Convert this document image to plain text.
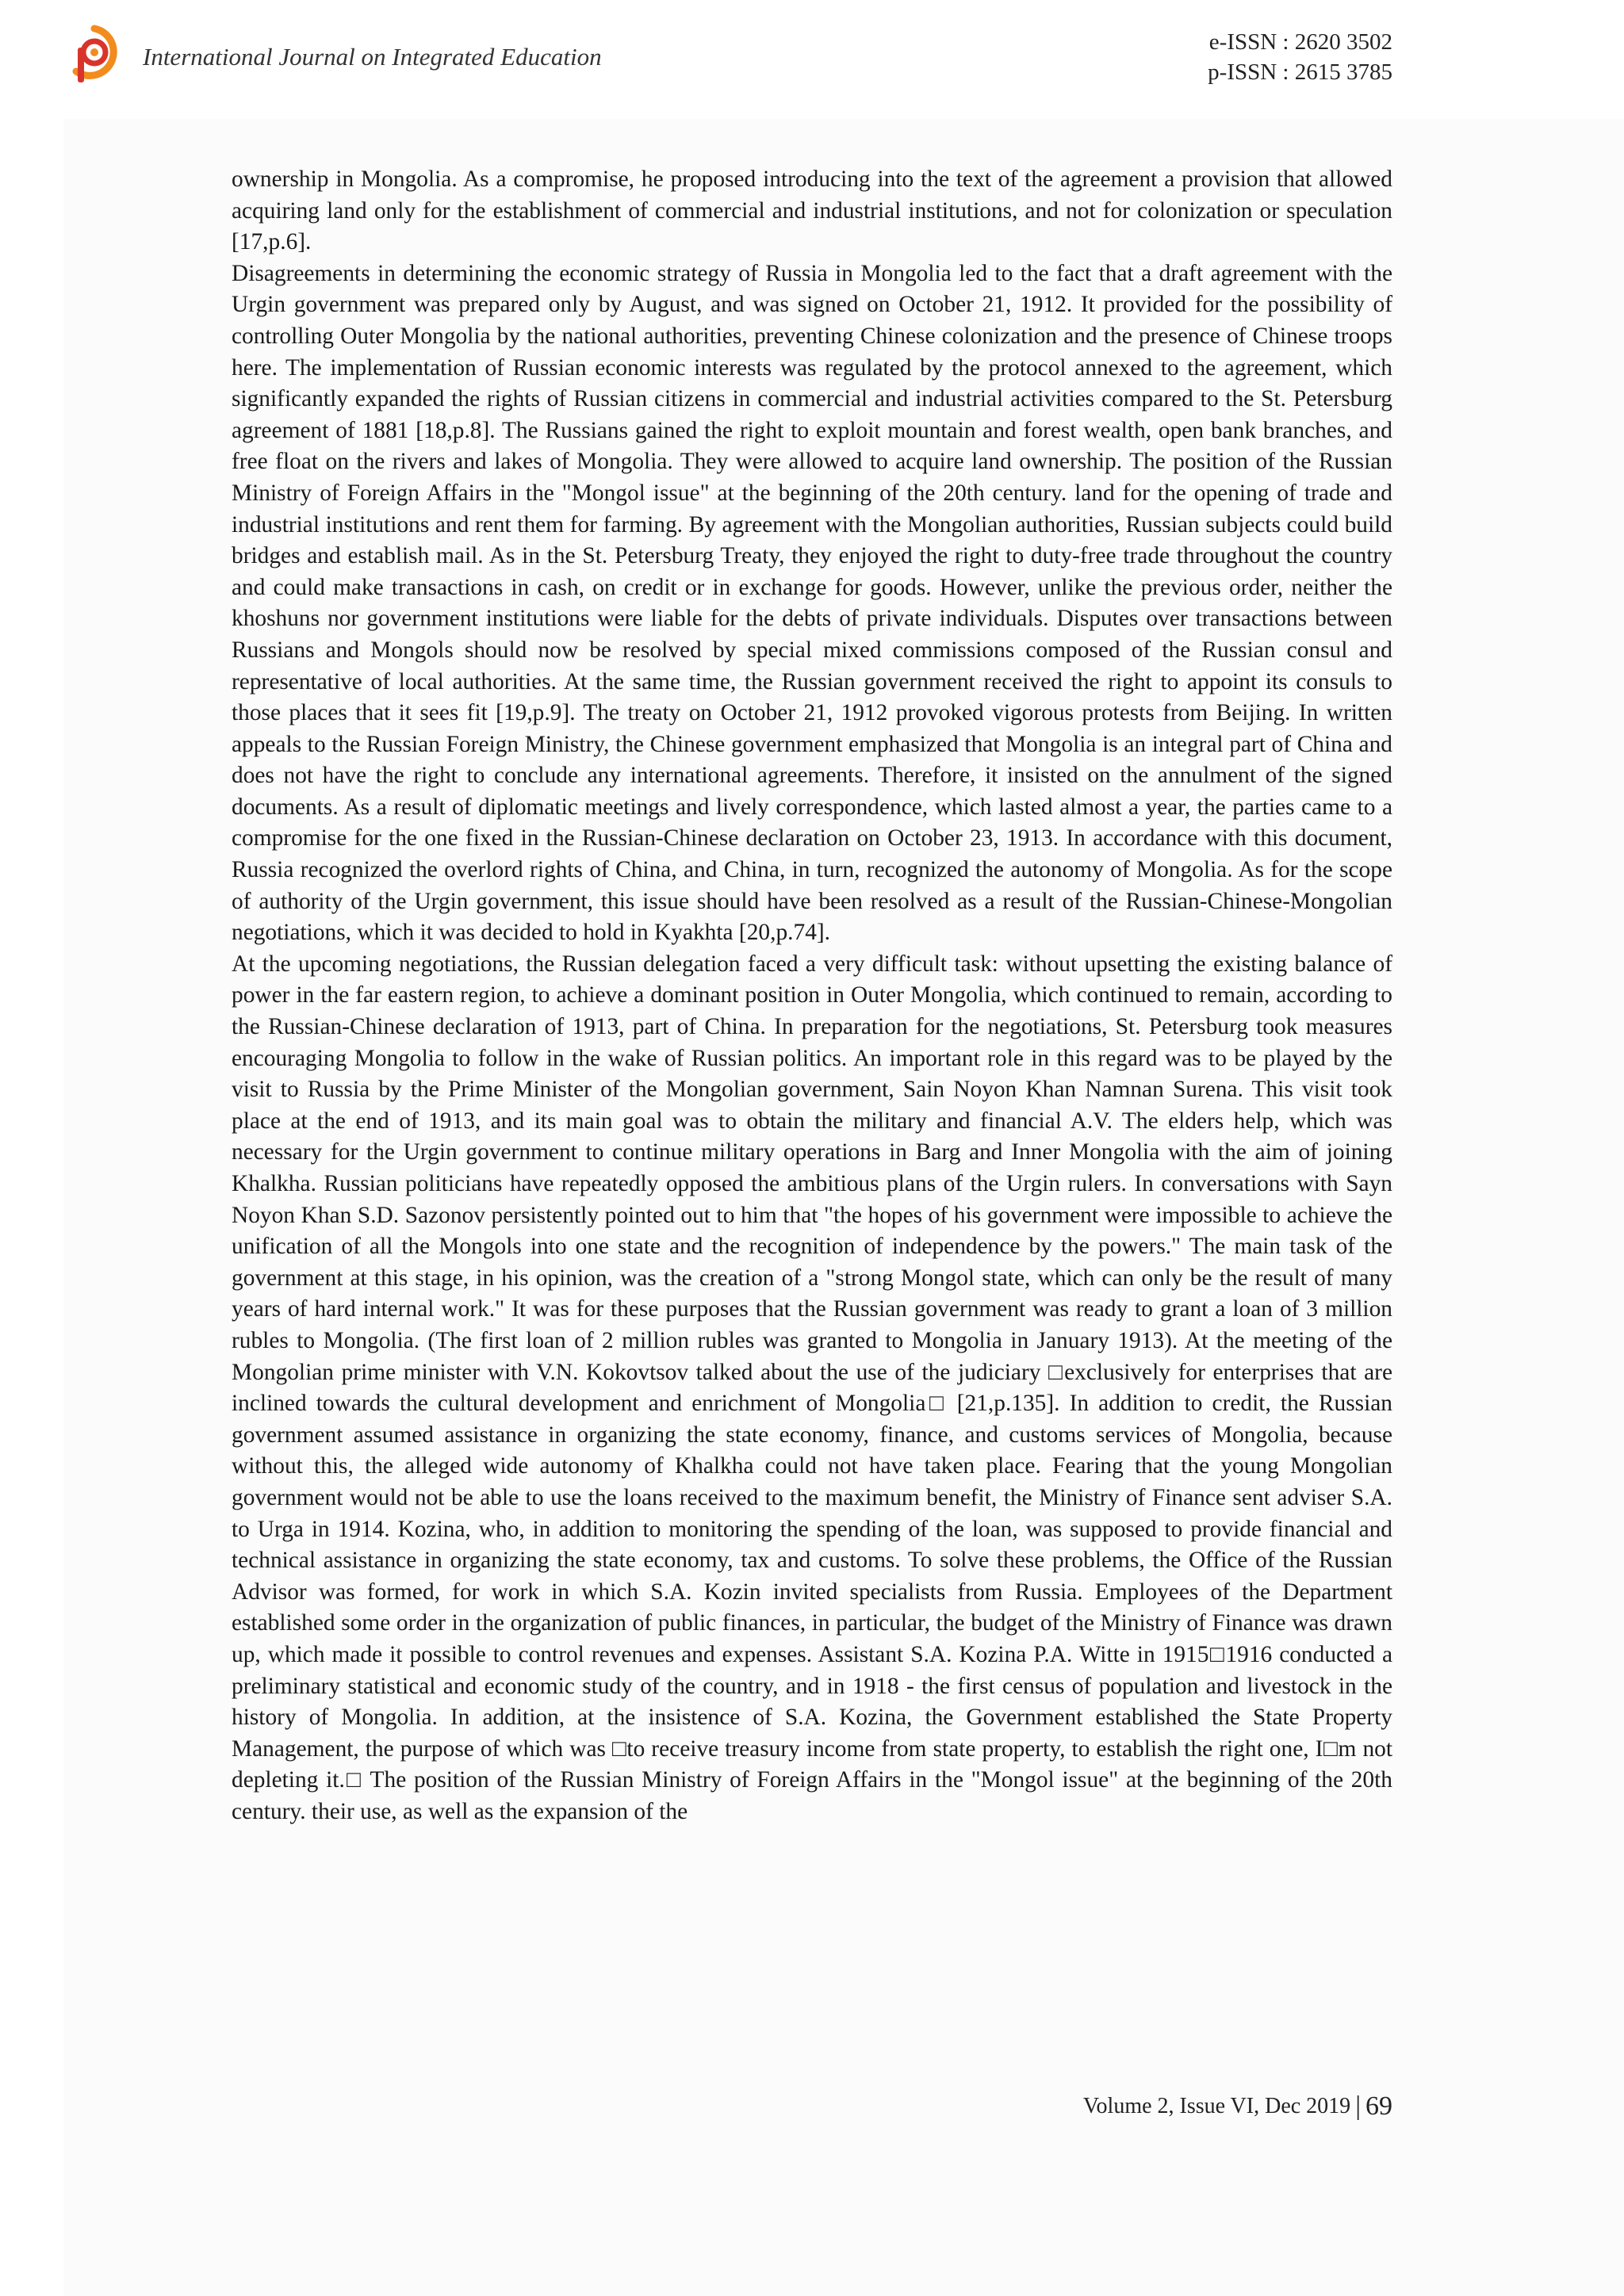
International Journal on Integrated Education
e-ISSN : 2620 3502
p-ISSN : 2615 3785

ownership in Mongolia. As a compromise, he proposed introducing into the text of the agreement a provision that allowed acquiring land only for the establishment of commercial and industrial institutions, and not for colonization or speculation [17,p.6].

Disagreements in determining the economic strategy of Russia in Mongolia led to the fact that a draft agreement with the Urgin government was prepared only by August, and was signed on October 21, 1912. It provided for the possibility of controlling Outer Mongolia by the national authorities, preventing Chinese colonization and the presence of Chinese troops here. The implementation of Russian economic interests was regulated by the protocol annexed to the agreement, which significantly expanded the rights of Russian citizens in commercial and industrial activities compared to the St. Petersburg agreement of 1881 [18,p.8]. The Russians gained the right to exploit mountain and forest wealth, open bank branches, and free float on the rivers and lakes of Mongolia. They were allowed to acquire land ownership. The position of the Russian Ministry of Foreign Affairs in the "Mongol issue" at the beginning of the 20th century. land for the opening of trade and industrial institutions and rent them for farming. By agreement with the Mongolian authorities, Russian subjects could build bridges and establish mail. As in the St. Petersburg Treaty, they enjoyed the right to duty-free trade throughout the country and could make transactions in cash, on credit or in exchange for goods. However, unlike the previous order, neither the khoshuns nor government institutions were liable for the debts of private individuals. Disputes over transactions between Russians and Mongols should now be resolved by special mixed commissions composed of the Russian consul and representative of local authorities. At the same time, the Russian government received the right to appoint its consuls to those places that it sees fit [19,p.9]. The treaty on October 21, 1912 provoked vigorous protests from Beijing. In written appeals to the Russian Foreign Ministry, the Chinese government emphasized that Mongolia is an integral part of China and does not have the right to conclude any international agreements. Therefore, it insisted on the annulment of the signed documents. As a result of diplomatic meetings and lively correspondence, which lasted almost a year, the parties came to a compromise for the one fixed in the Russian-Chinese declaration on October 23, 1913. In accordance with this document, Russia recognized the overlord rights of China, and China, in turn, recognized the autonomy of Mongolia. As for the scope of authority of the Urgin government, this issue should have been resolved as a result of the Russian-Chinese-Mongolian negotiations, which it was decided to hold in Kyakhta [20,p.74].

At the upcoming negotiations, the Russian delegation faced a very difficult task: without upsetting the existing balance of power in the far eastern region, to achieve a dominant position in Outer Mongolia, which continued to remain, according to the Russian-Chinese declaration of 1913, part of China. In preparation for the negotiations, St. Petersburg took measures encouraging Mongolia to follow in the wake of Russian politics. An important role in this regard was to be played by the visit to Russia by the Prime Minister of the Mongolian government, Sain Noyon Khan Namnan Surena. This visit took place at the end of 1913, and its main goal was to obtain the military and financial A.V. The elders help, which was necessary for the Urgin government to continue military operations in Barg and Inner Mongolia with the aim of joining Khalkha. Russian politicians have repeatedly opposed the ambitious plans of the Urgin rulers. In conversations with Sayn Noyon Khan S.D. Sazonov persistently pointed out to him that "the hopes of his government were impossible to achieve the unification of all the Mongols into one state and the recognition of independence by the powers." The main task of the government at this stage, in his opinion, was the creation of a "strong Mongol state, which can only be the result of many years of hard internal work." It was for these purposes that the Russian government was ready to grant a loan of 3 million rubles to Mongolia. (The first loan of 2 million rubles was granted to Mongolia in January 1913). At the meeting of the Mongolian prime minister with V.N. Kokovtsov talked about the use of the judiciary □exclusively for enterprises that are inclined towards the cultural development and enrichment of Mongolia□ [21,p.135]. In addition to credit, the Russian government assumed assistance in organizing the state economy, finance, and customs services of Mongolia, because without this, the alleged wide autonomy of Khalkha could not have taken place. Fearing that the young Mongolian government would not be able to use the loans received to the maximum benefit, the Ministry of Finance sent adviser S.A. to Urga in 1914. Kozina, who, in addition to monitoring the spending of the loan, was supposed to provide financial and technical assistance in organizing the state economy, tax and customs. To solve these problems, the Office of the Russian Advisor was formed, for work in which S.A. Kozin invited specialists from Russia. Employees of the Department established some order in the organization of public finances, in particular, the budget of the Ministry of Finance was drawn up, which made it possible to control revenues and expenses. Assistant S.A. Kozina P.A. Witte in 1915□1916 conducted a preliminary statistical and economic study of the country, and in 1918 - the first census of population and livestock in the history of Mongolia. In addition, at the insistence of S.A. Kozina, the Government established the State Property Management, the purpose of which was □to receive treasury income from state property, to establish the right one, I□m not depleting it.□ The position of the Russian Ministry of Foreign Affairs in the "Mongol issue" at the beginning of the 20th century. their use, as well as the expansion of the

Volume 2, Issue VI, Dec 2019 | 69
